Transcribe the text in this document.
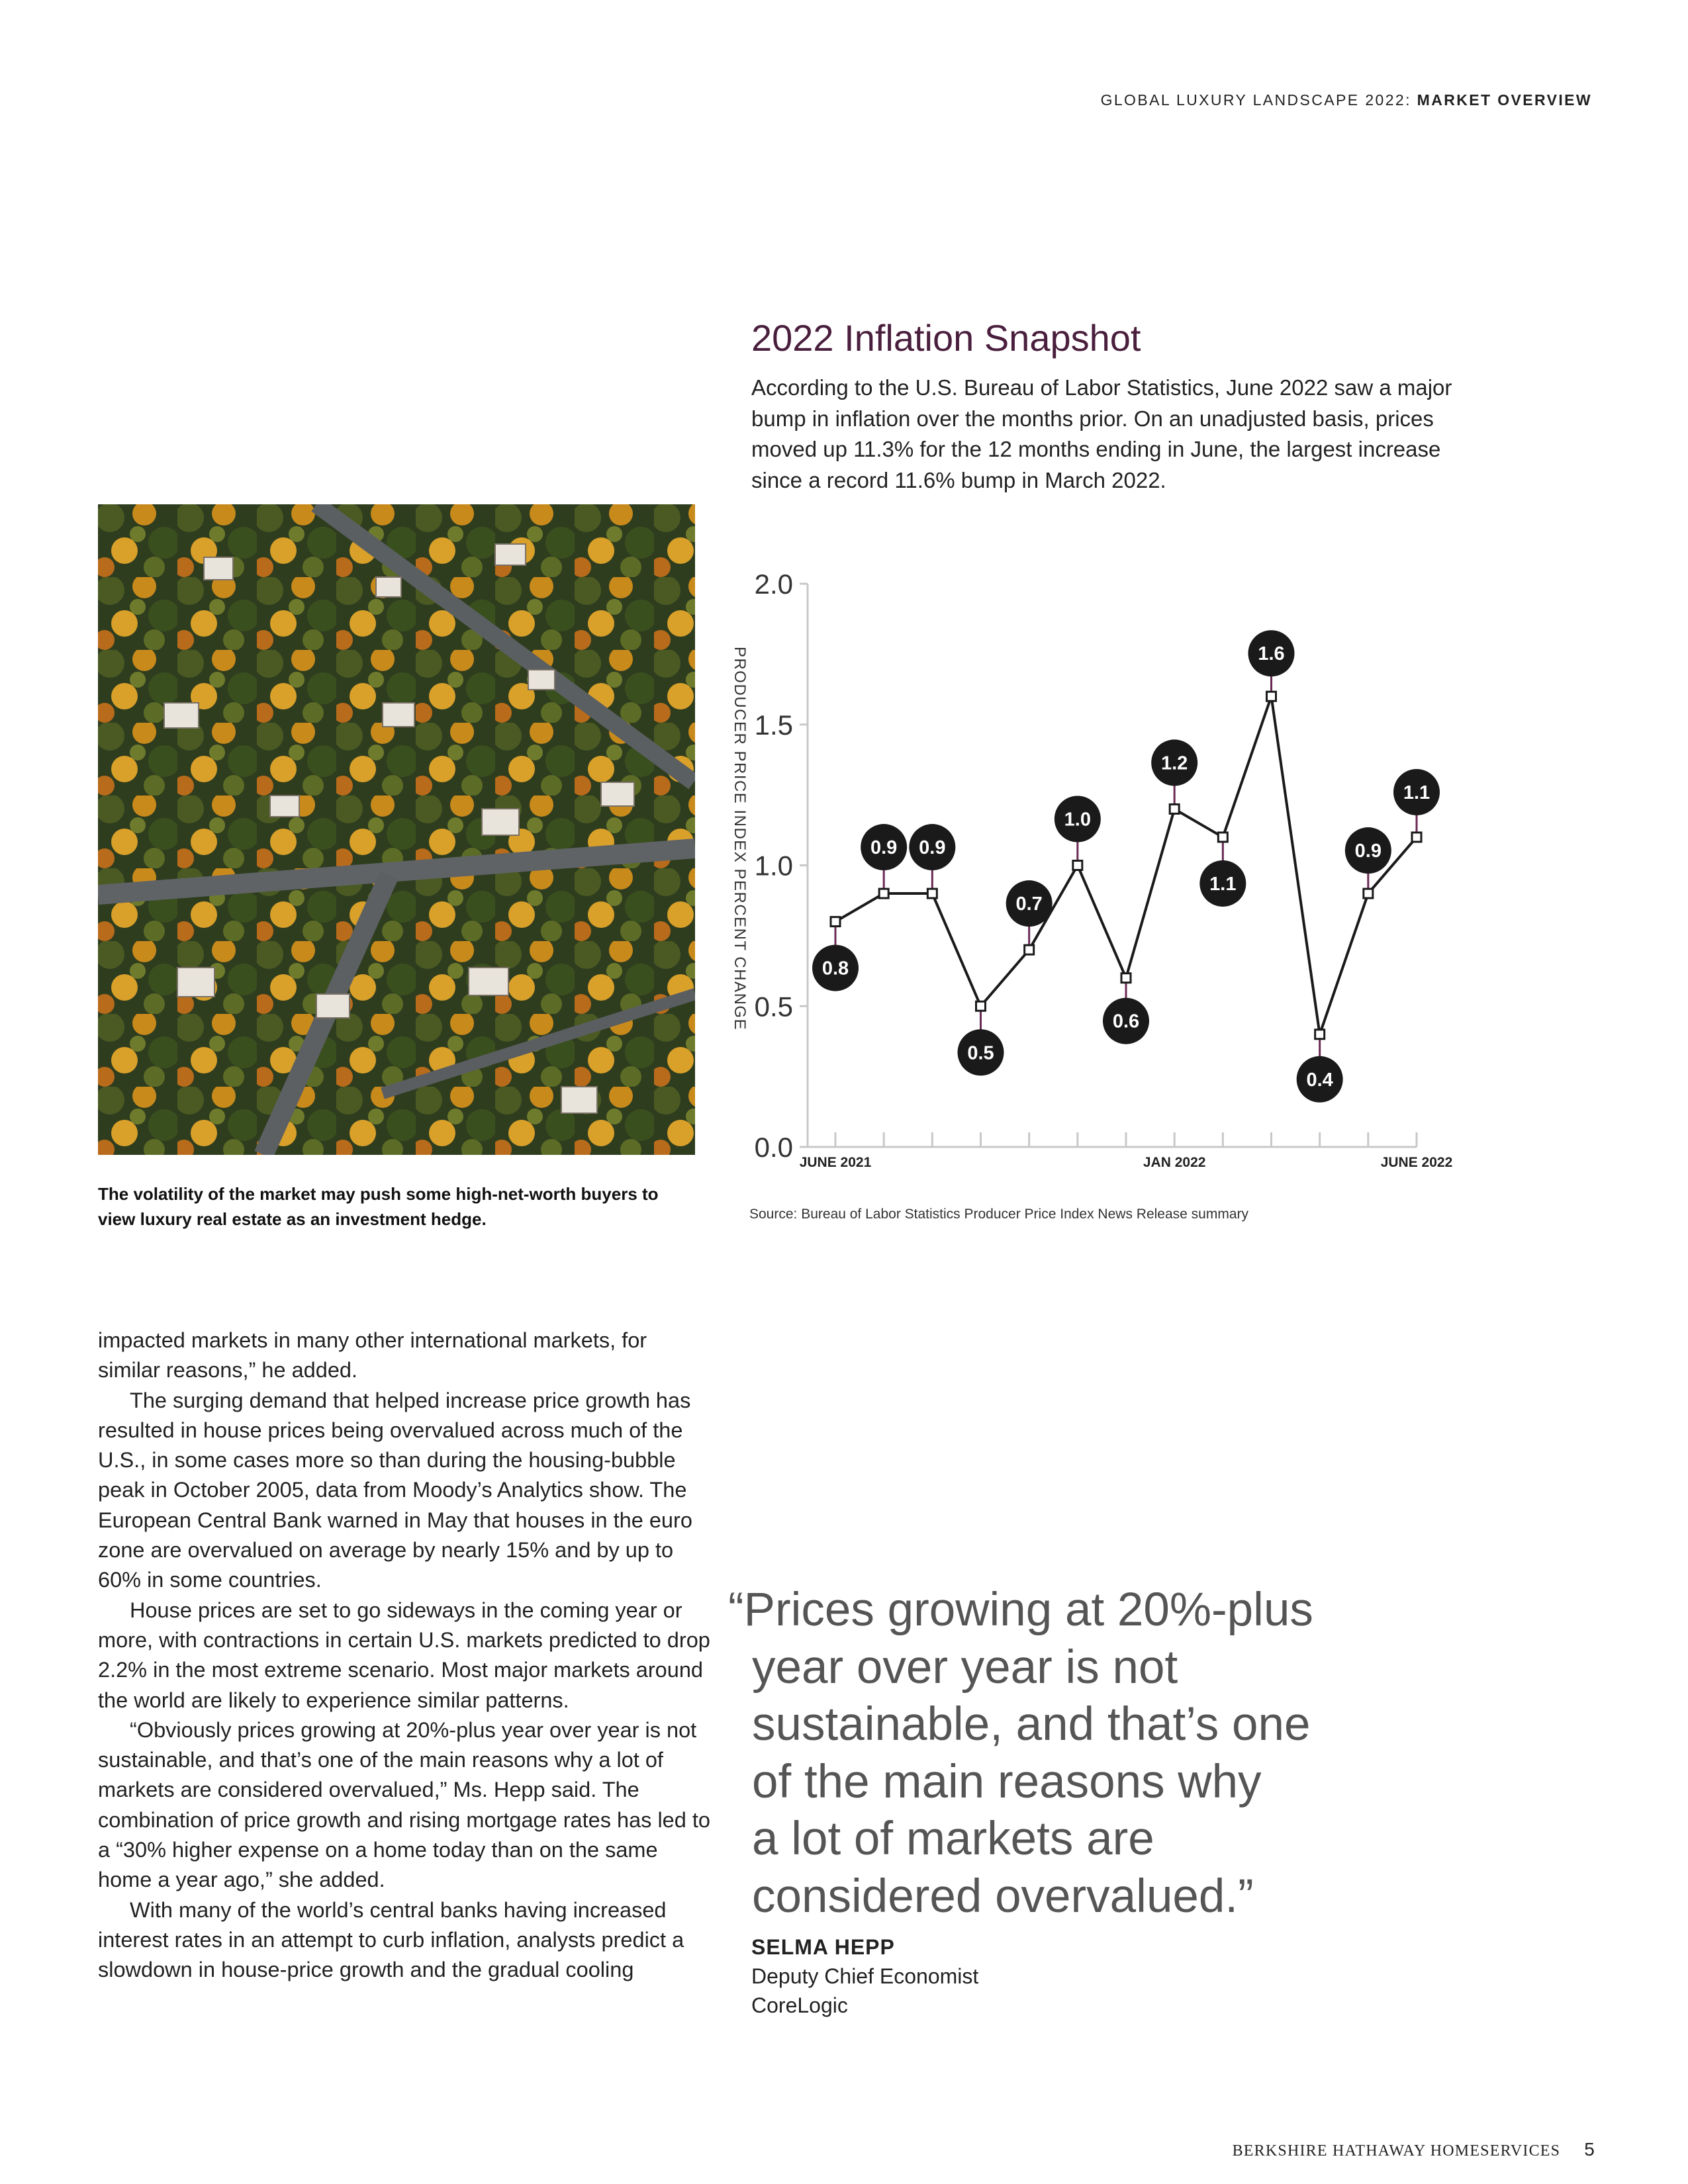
GLOBAL LUXURY LANDSCAPE 2022: MARKET OVERVIEW
2022 Inflation Snapshot

According to the U.S. Bureau of Labor Statistics, June 2022 saw a major bump in inflation over the months prior. On an unadjusted basis, prices moved up 11.3% for the 12 months ending in June, the largest increase since a record 11.6% bump in March 2022.

The volatility of the market may push some high-net-worth buyers to view luxury real estate as an investment hedge.

PRODUCER PRICE INDEX PERCENT CHANGE
0.0
0.5
1.0
1.5
2.0
JUNE 2021	JAN 2022	JUNE 2022
0.8
0.9 0.9
0.5
0.7
1.0
0.6
1.2
1.1
1.6
0.4
0.9
1.1

Source: Bureau of Labor Statistics Producer Price Index News Release summary

impacted markets in many other international markets, for similar reasons,” he added.

The surging demand that helped increase price growth has resulted in house prices being overvalued across much of the U.S., in some cases more so than during the housing-bubble peak in October 2005, data from Moody’s Analytics show. The European Central Bank warned in May that houses in the euro zone are overvalued on average by nearly 15% and by up to 60% in some countries.

House prices are set to go sideways in the coming year or more, with contractions in certain U.S. markets predicted to drop 2.2% in the most extreme scenario. Most major markets around the world are likely to experience similar patterns.

“Obviously prices growing at 20%-plus year over year is not sustainable, and that’s one of the main reasons why a lot of markets are considered overvalued,” Ms. Hepp said. The combination of price growth and rising mortgage rates has led to a “30% higher expense on a home today than on the same home a year ago,” she added.

With many of the world’s central banks having increased interest rates in an attempt to curb inflation, analysts predict a slowdown in house-price growth and the gradual cooling

“Prices growing at 20%-plus
year over year is not
sustainable, and that’s one
of the main reasons why
a lot of markets are
considered overvalued.”
SELMA HEPP
Deputy Chief Economist
CoreLogic
BERKSHIRE HATHAWAY HOMESERVICES 5
